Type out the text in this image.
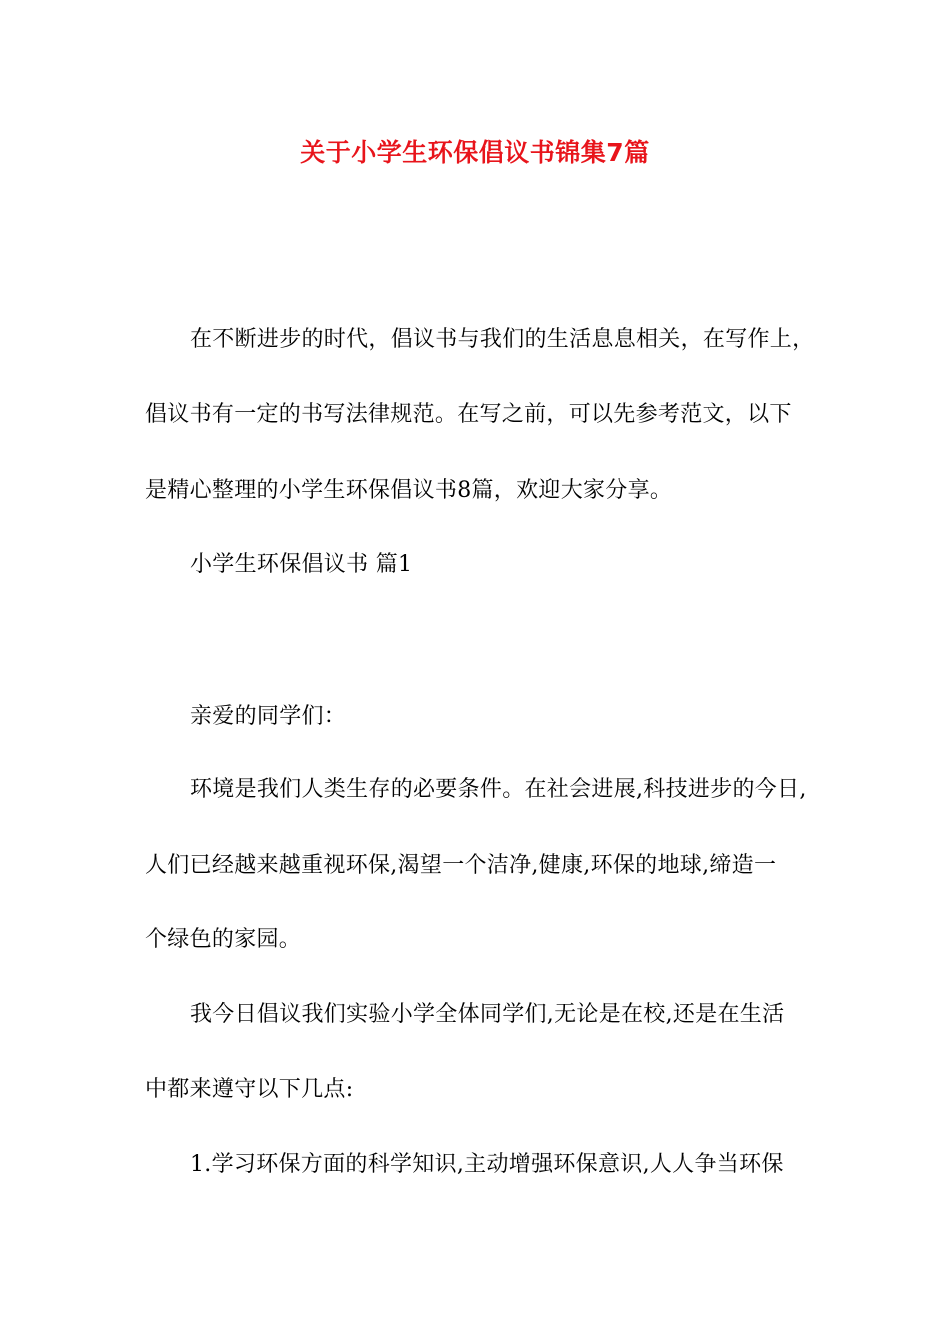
关于小学生环保倡议书锦集7篇
在不断进步的时代，倡议书与我们的生活息息相关，在写作上，
倡议书有一定的书写法律规范。在写之前，可以先参考范文，以下
是精心整理的小学生环保倡议书8篇，欢迎大家分享。
小学生环保倡议书 篇1
亲爱的同学们：
环境是我们人类生存的必要条件。在社会进展,科技进步的今日,
人们已经越来越重视环保,渴望一个洁净,健康,环保的地球,缔造一
个绿色的家园。
我今日倡议我们实验小学全体同学们,无论是在校,还是在生活
中都来遵守以下几点:
1.学习环保方面的科学知识,主动增强环保意识,人人争当环保
